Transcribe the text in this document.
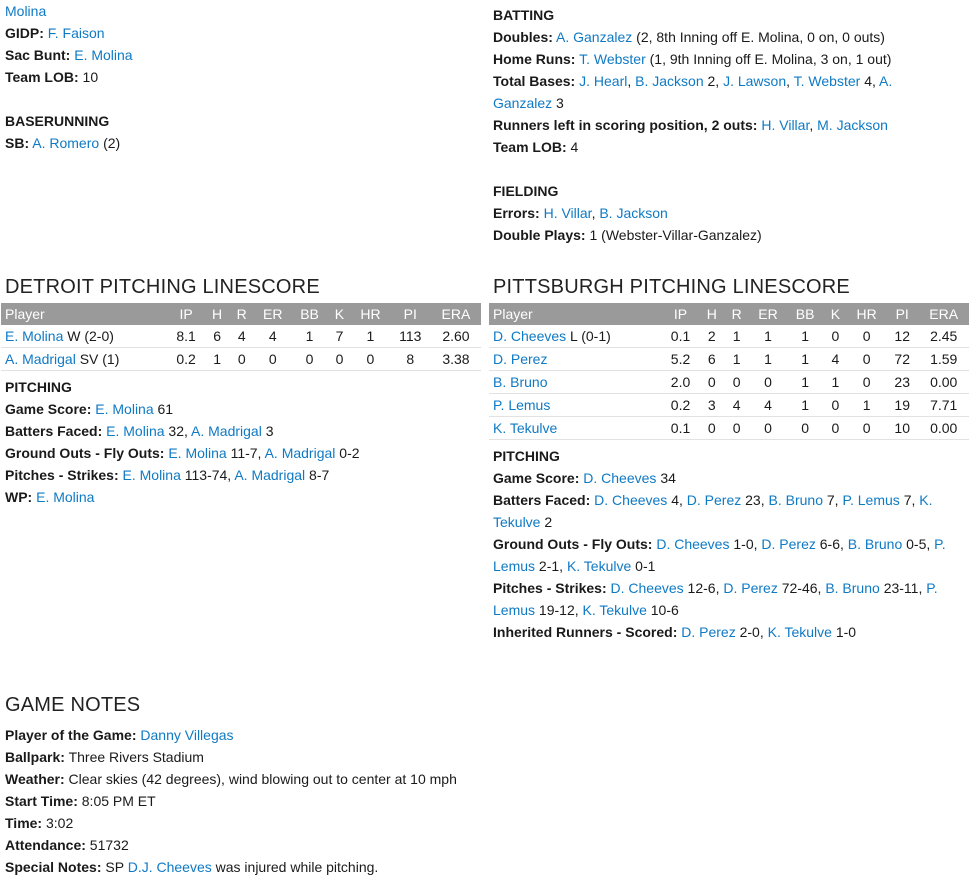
Molina
GIDP: F. Faison
Sac Bunt: E. Molina
Team LOB: 10
BASERUNNING
SB: A. Romero (2)
BATTING
Doubles: A. Ganzalez (2, 8th Inning off E. Molina, 0 on, 0 outs)
Home Runs: T. Webster (1, 9th Inning off E. Molina, 3 on, 1 out)
Total Bases: J. Hearl, B. Jackson 2, J. Lawson, T. Webster 4, A.
Ganzalez 3
Runners left in scoring position, 2 outs: H. Villar, M. Jackson
Team LOB: 4
FIELDING
Errors: H. Villar, B. Jackson
Double Plays: 1 (Webster-Villar-Ganzalez)
DETROIT PITCHING LINESCORE
Player	IP	H	R	ER	BB	K	HR	PI	ERA
E. Molina W (2-0)	8.1	6	4	4	1	7	1	113	2.60
A. Madrigal SV (1)	0.2	1	0	0	0	0	0	8	3.38
PITCHING
Game Score: E. Molina 61
Batters Faced: E. Molina 32, A. Madrigal 3
Ground Outs - Fly Outs: E. Molina 11-7, A. Madrigal 0-2
Pitches - Strikes: E. Molina 113-74, A. Madrigal 8-7
WP: E. Molina
PITTSBURGH PITCHING LINESCORE
Player	IP	H	R	ER	BB	K	HR	PI	ERA
D. Cheeves L (0-1)	0.1	2	1	1	1	0	0	12	2.45
D. Perez	5.2	6	1	1	1	4	0	72	1.59
B. Bruno	2.0	0	0	0	1	1	0	23	0.00
P. Lemus	0.2	3	4	4	1	0	1	19	7.71
K. Tekulve	0.1	0	0	0	0	0	0	10	0.00
PITCHING
Game Score: D. Cheeves 34
Batters Faced: D. Cheeves 4, D. Perez 23, B. Bruno 7, P. Lemus 7, K.
Tekulve 2
Ground Outs - Fly Outs: D. Cheeves 1-0, D. Perez 6-6, B. Bruno 0-5, P.
Lemus 2-1, K. Tekulve 0-1
Pitches - Strikes: D. Cheeves 12-6, D. Perez 72-46, B. Bruno 23-11, P.
Lemus 19-12, K. Tekulve 10-6
Inherited Runners - Scored: D. Perez 2-0, K. Tekulve 1-0
GAME NOTES
Player of the Game: Danny Villegas
Ballpark: Three Rivers Stadium
Weather: Clear skies (42 degrees), wind blowing out to center at 10 mph
Start Time: 8:05 PM ET
Time: 3:02
Attendance: 51732
Special Notes: SP D.J. Cheeves was injured while pitching.
